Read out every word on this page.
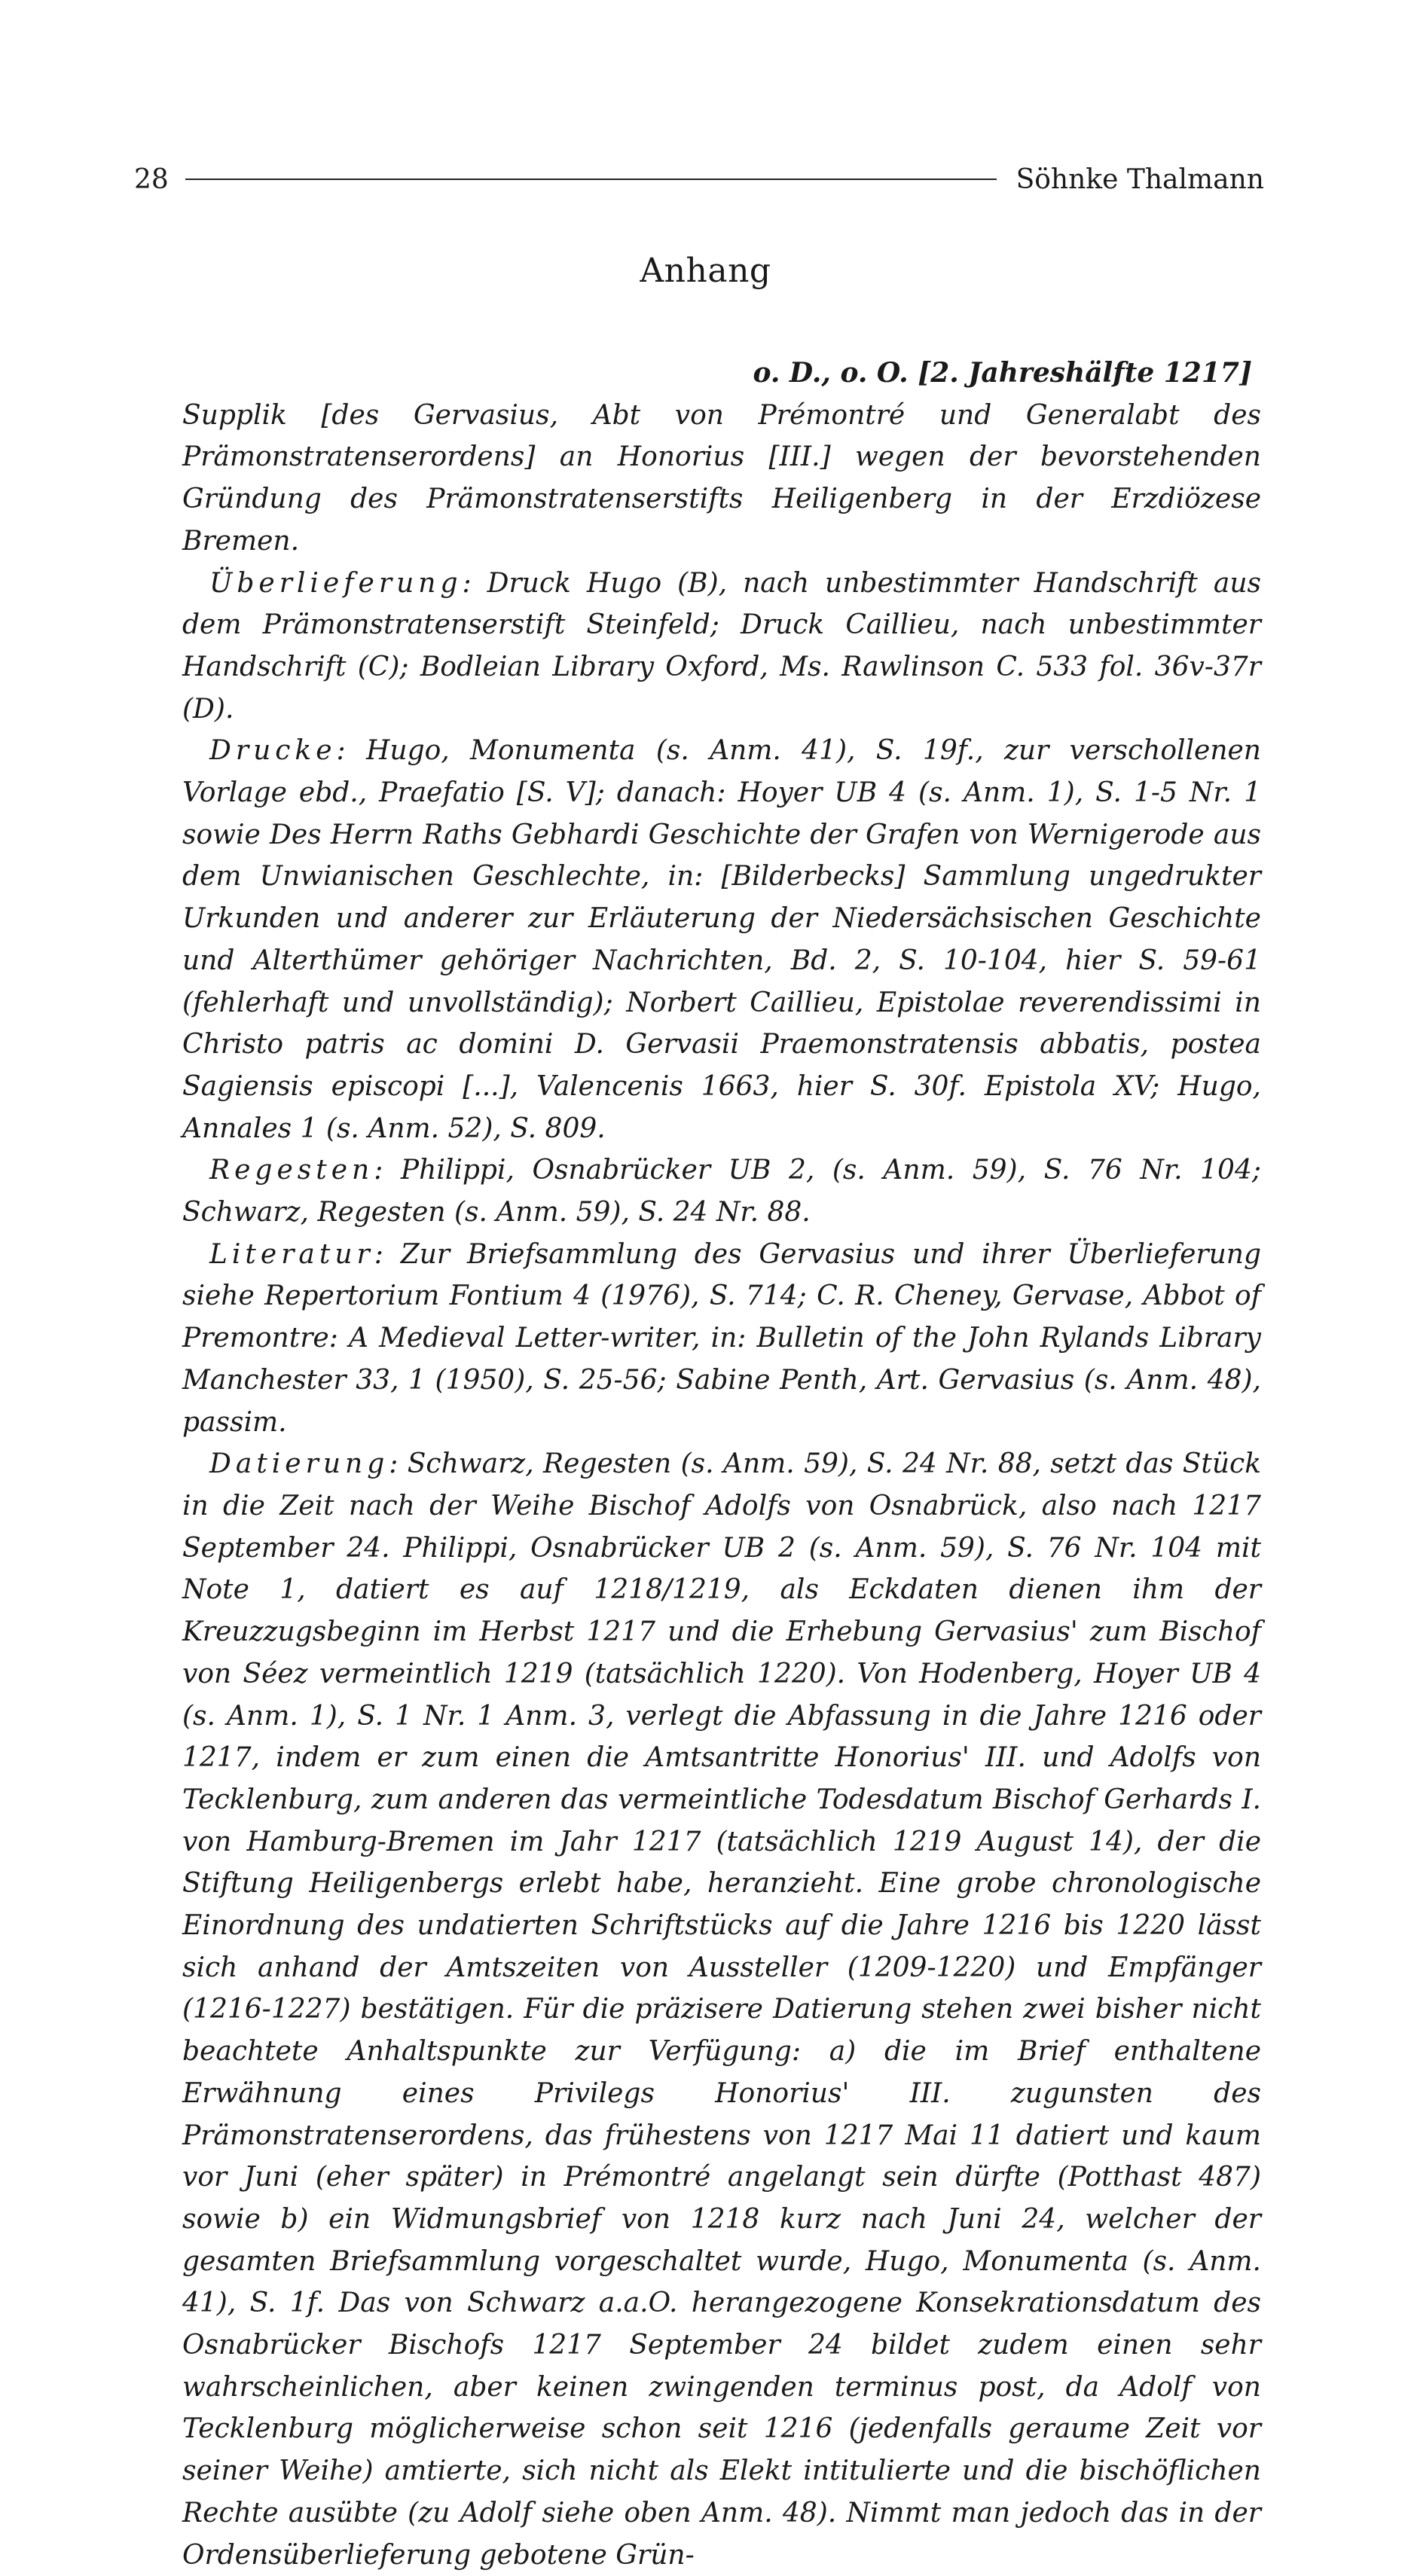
28	Söhnke Thalmann
Anhang
o. D., o. O. [2. Jahreshälfte 1217]

Supplik [des Gervasius, Abt von Prémontré und Generalabt des Prämonstratenserordens] an Honorius [III.] wegen der bevorstehenden Gründung des Prämonstratenserstifts Heiligenberg in der Erzdiözese Bremen.

Überlieferung: Druck Hugo (B), nach unbestimmter Handschrift aus dem Prämonstratenserstift Steinfeld; Druck Caillieu, nach unbestimmter Handschrift (C); Bodleian Library Oxford, Ms. Rawlinson C. 533 fol. 36v-37r (D).

Drucke: Hugo, Monumenta (s. Anm. 41), S. 19f., zur verschollenen Vorlage ebd., Praefatio [S. V]; danach: Hoyer UB 4 (s. Anm. 1), S. 1-5 Nr. 1 sowie Des Herrn Raths Gebhardi Geschichte der Grafen von Wernigerode aus dem Unwianischen Geschlechte, in: [Bilderbecks] Sammlung ungedrukter Urkunden und anderer zur Erläuterung der Niedersächsischen Geschichte und Alterthümer gehöriger Nachrichten, Bd. 2, S. 10-104, hier S. 59-61 (fehlerhaft und unvollständig); Norbert Caillieu, Epistolae reverendissimi in Christo patris ac domini D. Gervasii Praemonstratensis abbatis, postea Sagiensis episcopi [...], Valencenis 1663, hier S. 30f. Epistola XV; Hugo, Annales 1 (s. Anm. 52), S. 809.

Regesten: Philippi, Osnabrücker UB 2, (s. Anm. 59), S. 76 Nr. 104; Schwarz, Regesten (s. Anm. 59), S. 24 Nr. 88.

Literatur: Zur Briefsammlung des Gervasius und ihrer Überlieferung siehe Repertorium Fontium 4 (1976), S. 714; C. R. Cheney, Gervase, Abbot of Premontre: A Medieval Letter-writer, in: Bulletin of the John Rylands Library Manchester 33, 1 (1950), S. 25-56; Sabine Penth, Art. Gervasius (s. Anm. 48), passim.

Datierung: Schwarz, Regesten (s. Anm. 59), S. 24 Nr. 88, setzt das Stück in die Zeit nach der Weihe Bischof Adolfs von Osnabrück, also nach 1217 September 24. Philippi, Osnabrücker UB 2 (s. Anm. 59), S. 76 Nr. 104 mit Note 1, datiert es auf 1218/1219, als Eckdaten dienen ihm der Kreuzzugsbeginn im Herbst 1217 und die Erhebung Gervasius' zum Bischof von Séez vermeintlich 1219 (tatsächlich 1220). Von Hodenberg, Hoyer UB 4 (s. Anm. 1), S. 1 Nr. 1 Anm. 3, verlegt die Abfassung in die Jahre 1216 oder 1217, indem er zum einen die Amtsantritte Honorius' III. und Adolfs von Tecklenburg, zum anderen das vermeintliche Todesdatum Bischof Gerhards I. von Hamburg-Bremen im Jahr 1217 (tatsächlich 1219 August 14), der die Stiftung Heiligenbergs erlebt habe, heranzieht. Eine grobe chronologische Einordnung des undatierten Schriftstücks auf die Jahre 1216 bis 1220 lässt sich anhand der Amtszeiten von Aussteller (1209-1220) und Empfänger (1216-1227) bestätigen. Für die präzisere Datierung stehen zwei bisher nicht beachtete Anhaltspunkte zur Verfügung: a) die im Brief enthaltene Erwähnung eines Privilegs Honorius' III. zugunsten des Prämonstratenserordens, das frühestens von 1217 Mai 11 datiert und kaum vor Juni (eher später) in Prémontré angelangt sein dürfte (Potthast 487) sowie b) ein Widmungsbrief von 1218 kurz nach Juni 24, welcher der gesamten Briefsammlung vorgeschaltet wurde, Hugo, Monumenta (s. Anm. 41), S. 1f. Das von Schwarz a.a.O. herangezogene Konsekrationsdatum des Osnabrücker Bischofs 1217 September 24 bildet zudem einen sehr wahrscheinlichen, aber keinen zwingenden terminus post, da Adolf von Tecklenburg möglicherweise schon seit 1216 (jedenfalls geraume Zeit vor seiner Weihe) amtierte, sich nicht als Elekt intitulierte und die bischöflichen Rechte ausübte (zu Adolf siehe oben Anm. 48). Nimmt man jedoch das in der Ordensüberlieferung gebotene Grün-
